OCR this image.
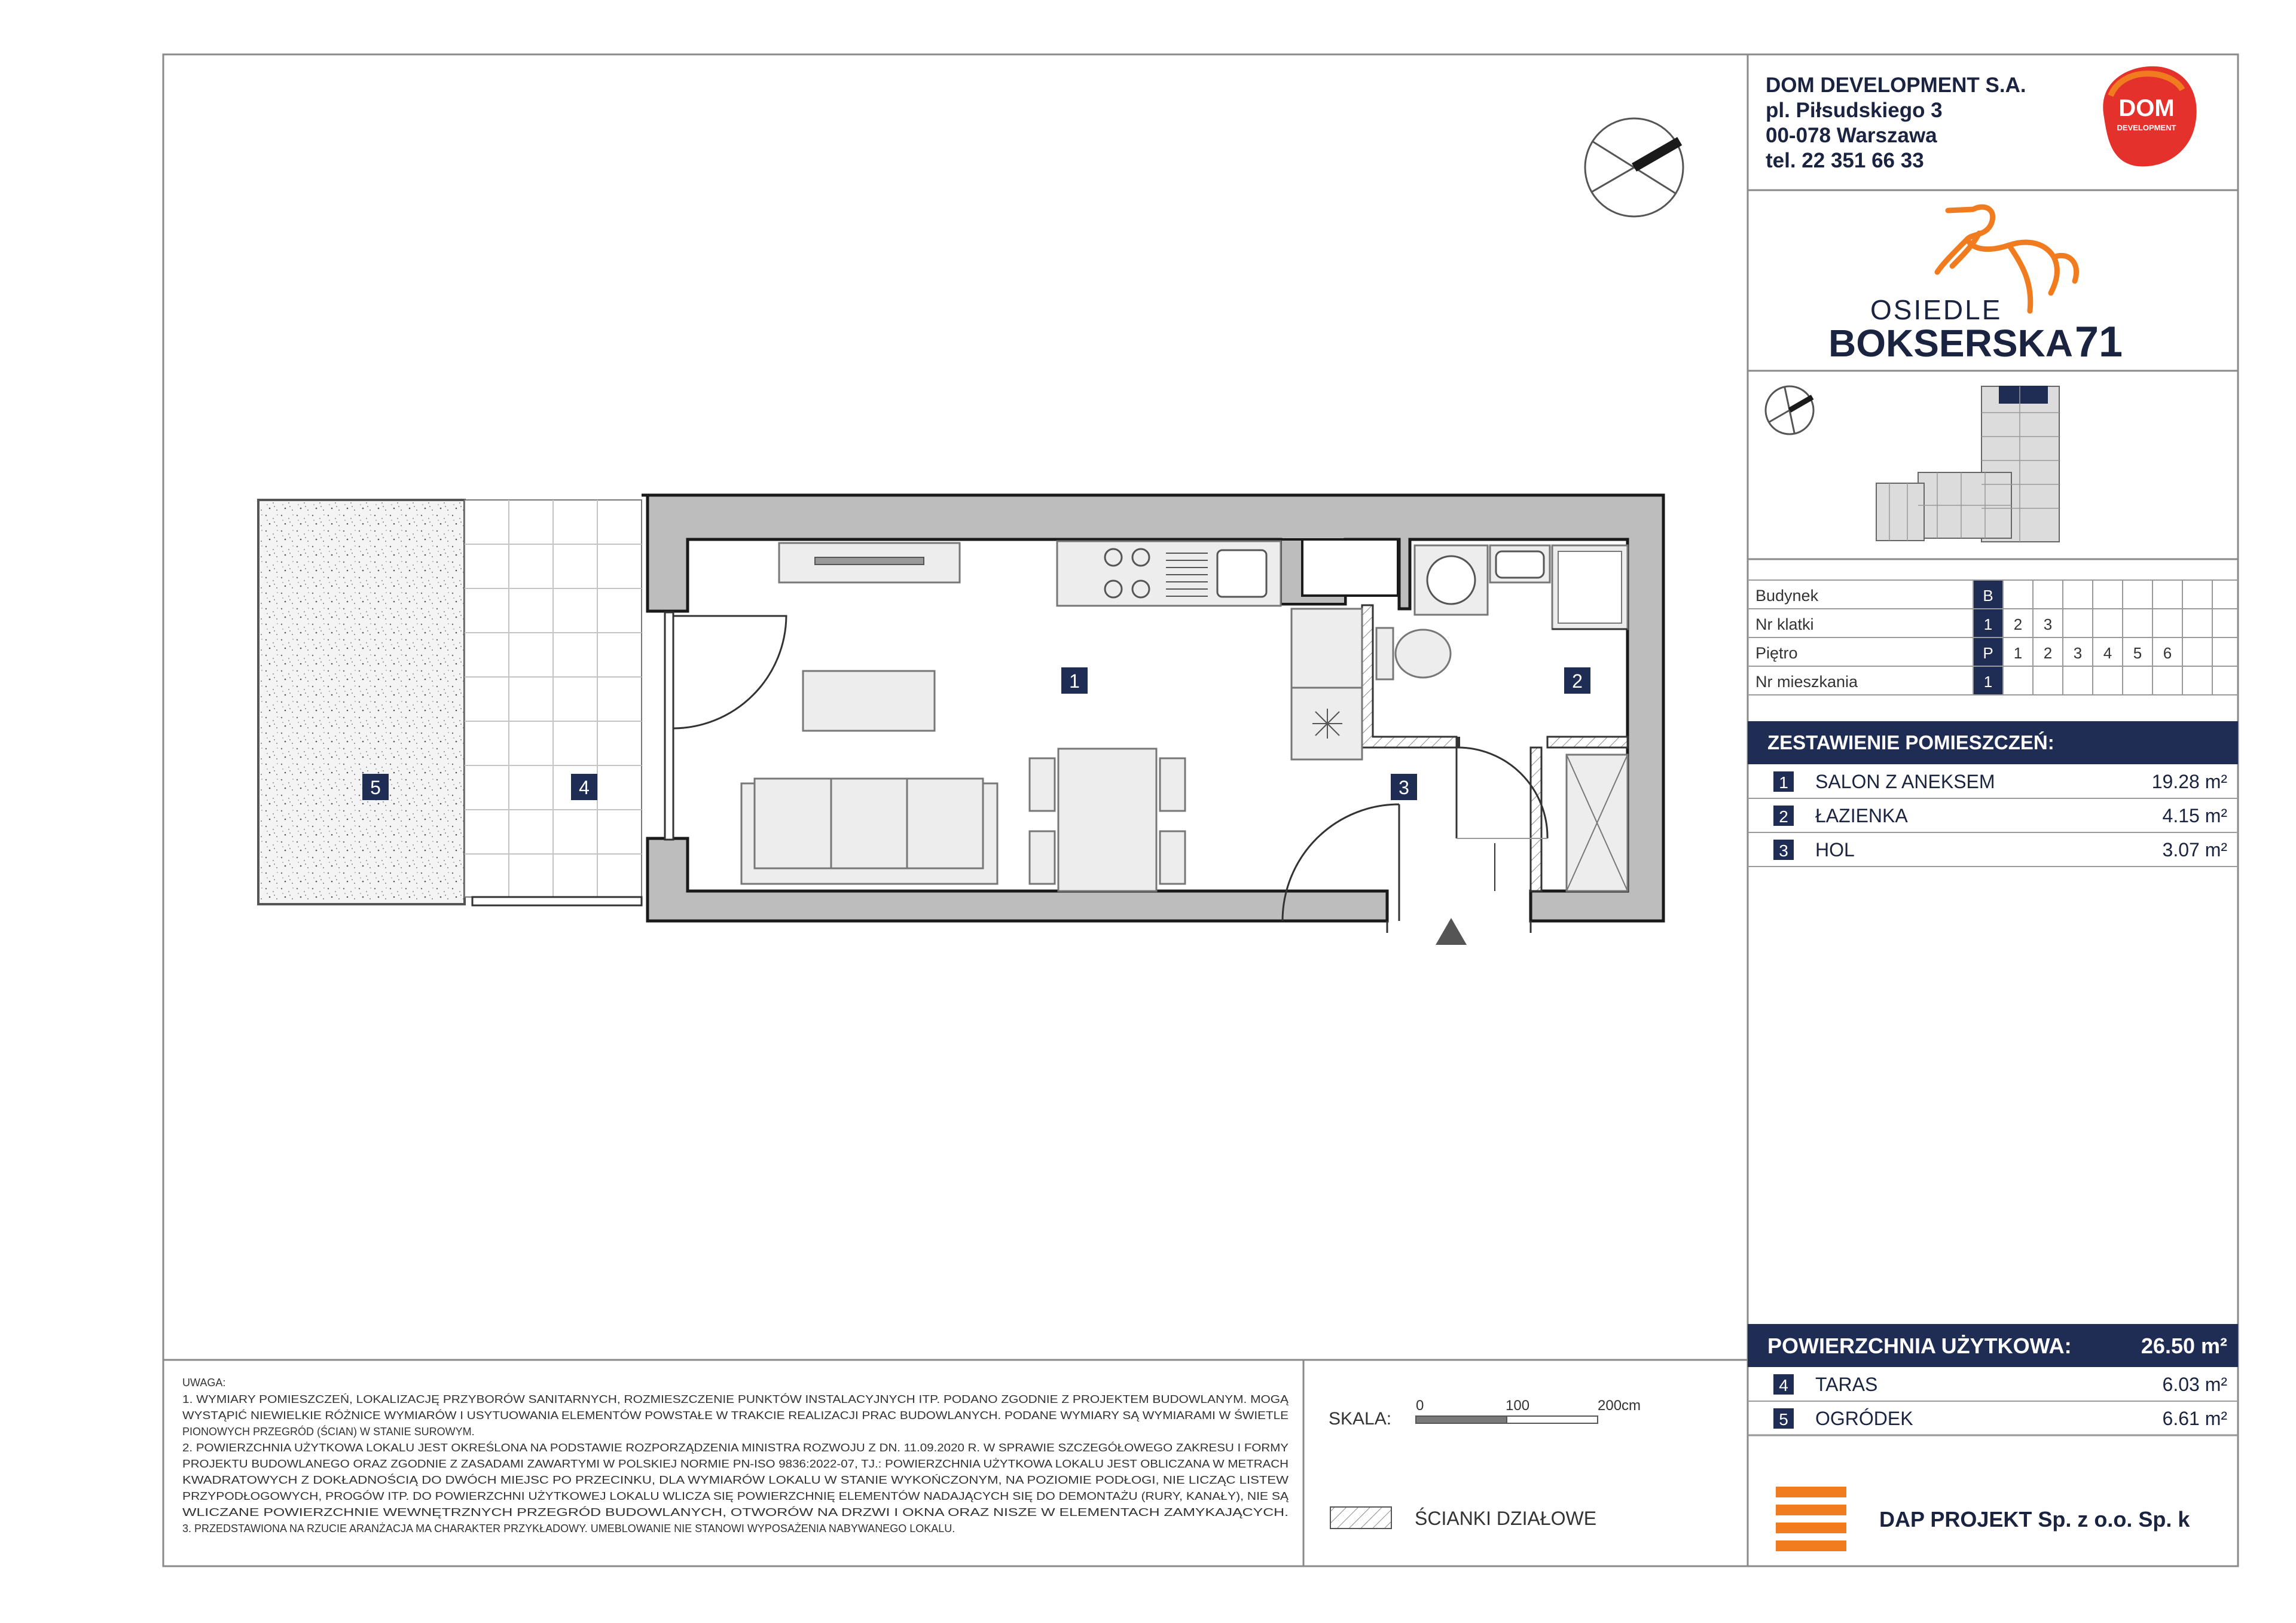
1	2
3
4
5
DOM DEVELOPMENT S.A.
pl. Piłsudskiego 3
00-078 Warszawa
tel. 22 351 66 33
DOM
DEVELOPMENT
OSIEDLE
BOKSERSKA 71
Budynek	B
Nr klatki	1 2 3
Piętro	P 1 2 3 4 5 6
Nr mieszkania	1
ZESTAWIENIE POMIESZCZEŃ:
1 SALON Z ANEKSEM	19.28 m²
2 ŁAZIENKA	4.15 m²
3 HOL	3.07 m²
POWIERZCHNIA UŻYTKOWA:	26.50 m²
4 TARAS	6.03 m²
5 OGRÓDEK	6.61 m²
DAP PROJEKT Sp. z o.o. Sp. k
UWAGA:
1. WYMIARY POMIESZCZEŃ, LOKALIZACJĘ PRZYBORÓW SANITARNYCH, ROZMIESZCZENIE PUNKTÓW INSTALACYJNYCH ITP. PODANO ZGODNIE Z PROJEKTEM BUDOWLANYM. MOGĄ
WYSTĄPIĆ NIEWIELKIE RÓŻNICE WYMIARÓW I USYTUOWANIA ELEMENTÓW POWSTAŁE W TRAKCIE REALIZACJI PRAC BUDOWLANYCH. PODANE WYMIARY SĄ WYMIARAMI W ŚWIETLE
PIONOWYCH PRZEGRÓD (ŚCIAN) W STANIE SUROWYM.
2. POWIERZCHNIA UŻYTKOWA LOKALU JEST OKREŚLONA NA PODSTAWIE ROZPORZĄDZENIA MINISTRA ROZWOJU Z DN. 11.09.2020 R. W SPRAWIE SZCZEGÓŁOWEGO ZAKRESU I FORMY
PROJEKTU BUDOWLANEGO ORAZ ZGODNIE Z ZASADAMI ZAWARTYMI W POLSKIEJ NORMIE PN-ISO 9836:2022-07, TJ.: POWIERZCHNIA UŻYTKOWA LOKALU JEST OBLICZANA W METRACH
KWADRATOWYCH Z DOKŁADNOŚCIĄ DO DWÓCH MIEJSC PO PRZECINKU, DLA WYMIARÓW LOKALU W STANIE WYKOŃCZONYM, NA POZIOMIE PODŁOGI, NIE LICZĄC LISTEW
PRZYPODŁOGOWYCH, PROGÓW ITP. DO POWIERZCHNI UŻYTKOWEJ LOKALU WLICZA SIĘ POWIERZCHNIĘ ELEMENTÓW NADAJĄCYCH SIĘ DO DEMONTAŻU (RURY, KANAŁY), NIE SĄ
WLICZANE POWIERZCHNIE WEWNĘTRZNYCH PRZEGRÓD BUDOWLANYCH, OTWORÓW NA DRZWI I OKNA ORAZ NISZE W ELEMENTACH ZAMYKAJĄCYCH.
3. PRZEDSTAWIONA NA RZUCIE ARANŻACJA MA CHARAKTER PRZYKŁADOWY. UMEBLOWANIE NIE STANOWI WYPOSAŻENIA NABYWANEGO LOKALU.
SKALA:
0	100	200cm
ŚCIANKI DZIAŁOWE
